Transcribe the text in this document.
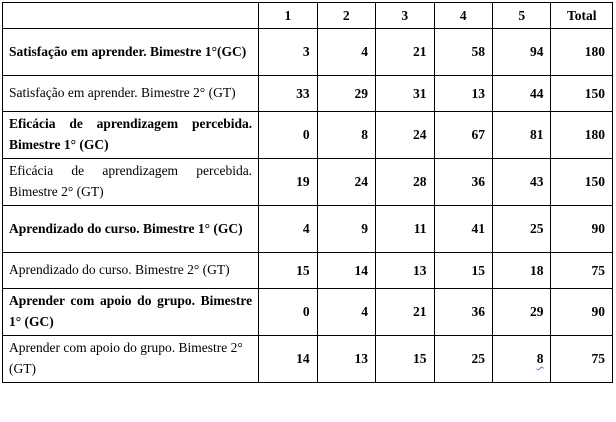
	1	2	3	4	5	Total
Satisfação em aprender. Bimestre 1°(GC)	3	4	21	58	94	180
Satisfação em aprender. Bimestre 2° (GT)	33	29	31	13	44	150
Eficácia de aprendizagem percebida. Bimestre 1° (GC)	0	8	24	67	81	180
Eficácia de aprendizagem percebida. Bimestre 2° (GT)	19	24	28	36	43	150
Aprendizado do curso. Bimestre 1° (GC)	4	9	11	41	25	90
Aprendizado do curso. Bimestre 2° (GT)	15	14	13	15	18	75
Aprender com apoio do grupo. Bimestre 1° (GC)	0	4	21	36	29	90
Aprender com apoio do grupo. Bimestre 2° (GT)	14	13	15	25	8	75
